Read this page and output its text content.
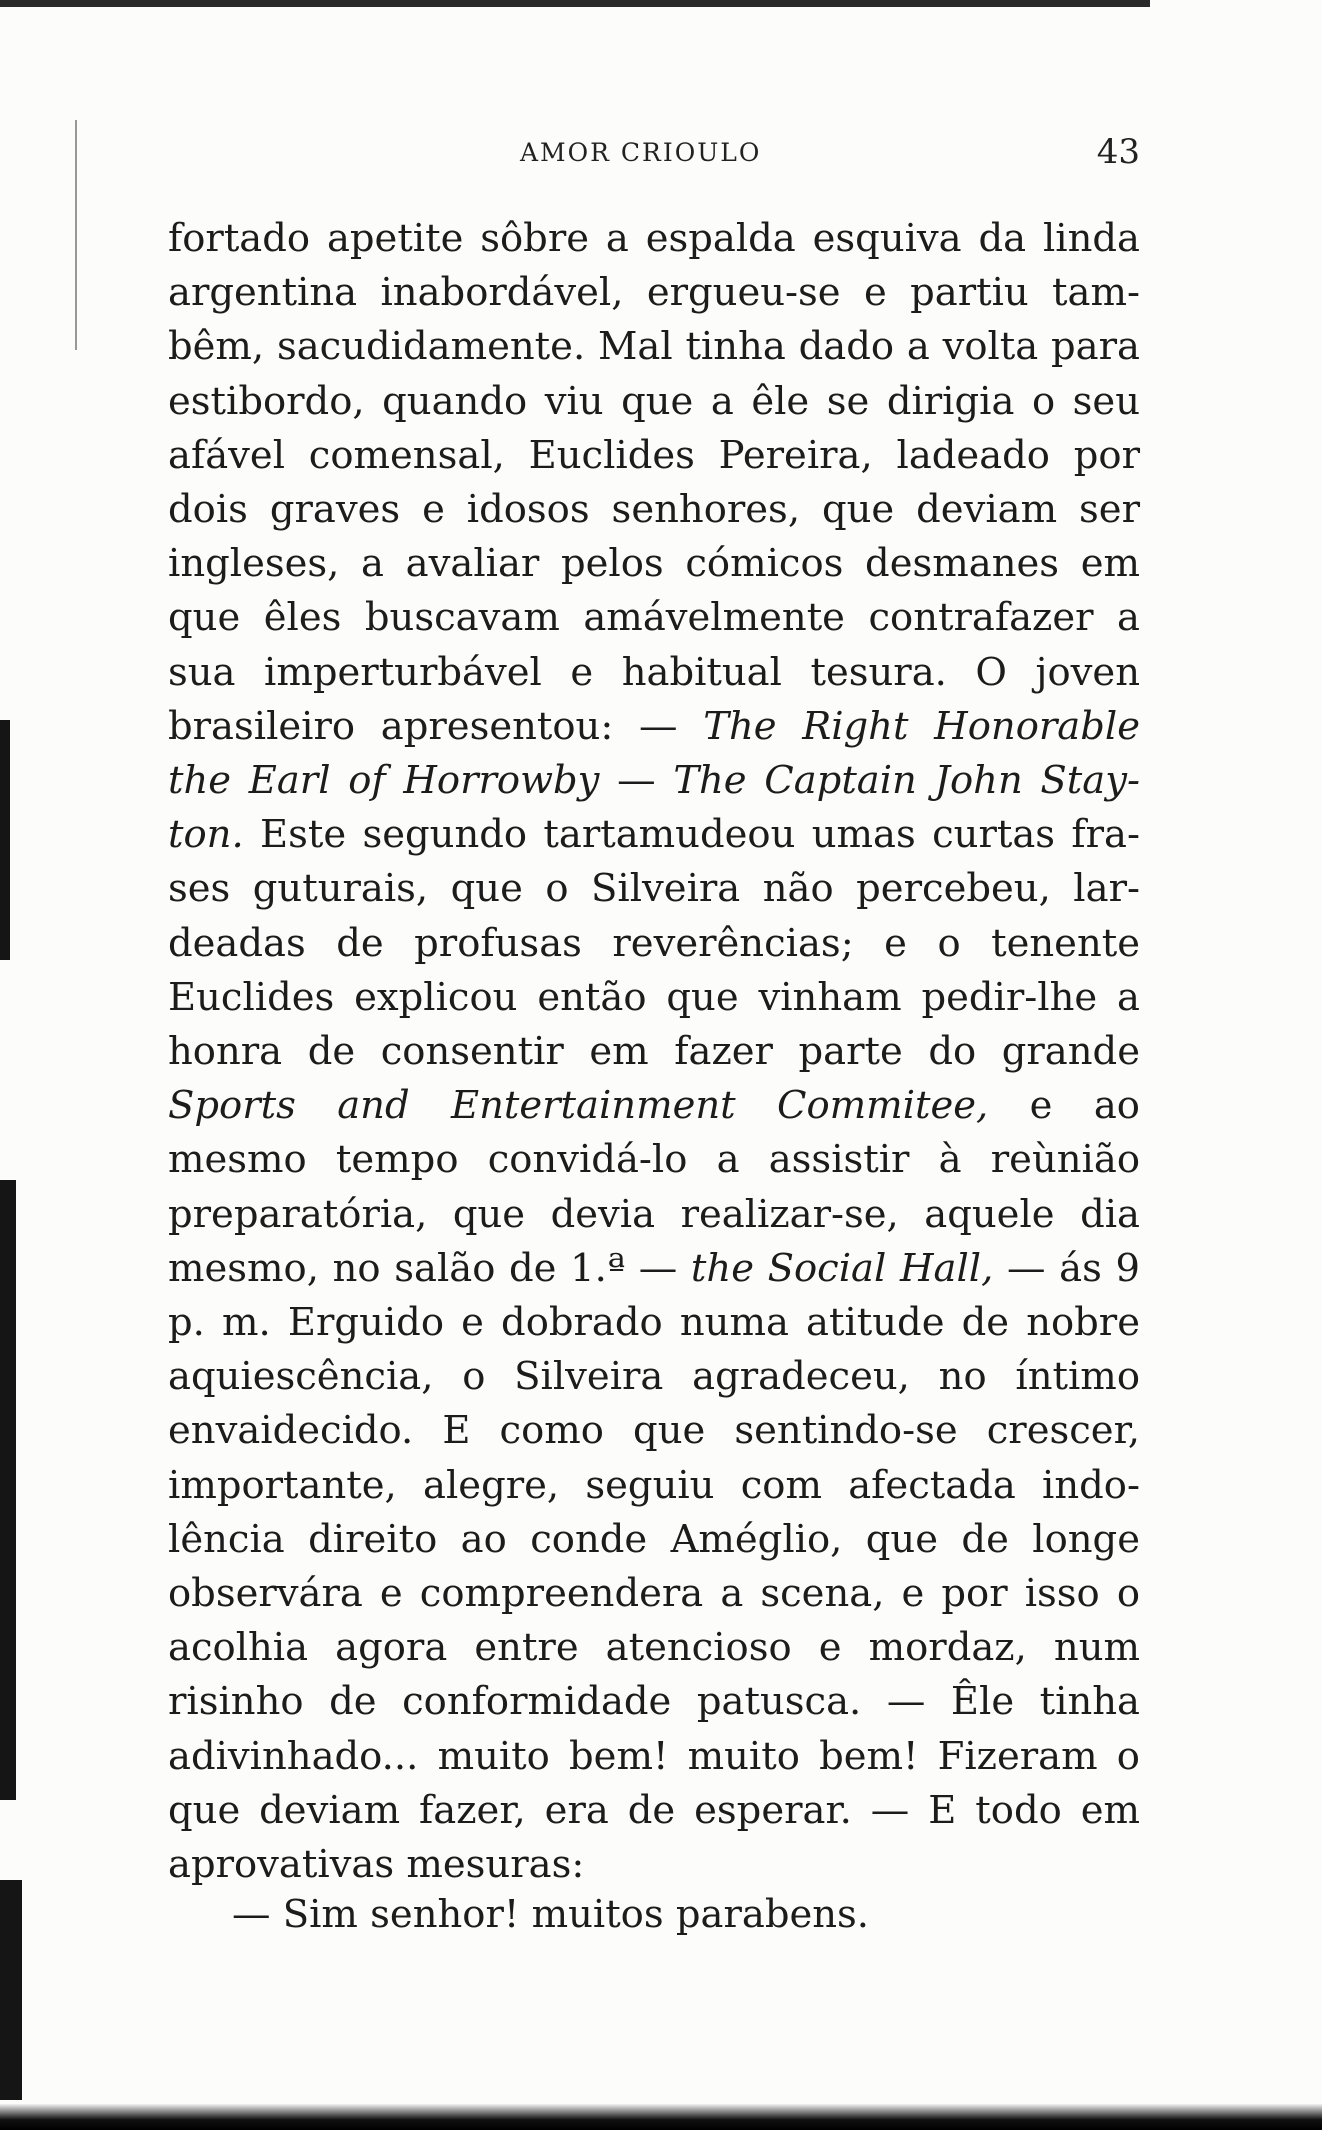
AMOR CRIOULO	43

fortado apetite sôbre a espalda esquiva da linda argentina inabordável, ergueu-se e partiu tambêm, sacudidamente. Mal tinha dado a volta para estibordo, quando viu que a êle se dirigia o seu afável comensal, Euclides Pereira, ladeado por dois graves e idosos senhores, que deviam ser ingleses, a avaliar pelos cómicos desmanes em que êles buscavam amávelmente contrafazer a sua imperturbável e habitual tesura. O joven brasileiro apresentou: — The Right Honorable the Earl of Horrowby — The Captain John Stayton. Este segundo tartamudeou umas curtas frases guturais, que o Silveira não percebeu, lardeadas de profusas reverências; e o tenente Euclides explicou então que vinham pedir-lhe a honra de consentir em fazer parte do grande Sports and Entertainment Commitee, e ao mesmo tempo convidá-lo a assistir à reùnião preparatória, que devia realizar-se, aquele dia mesmo, no salão de 1.ª — the Social Hall, — ás 9 p. m. Erguido e dobrado numa atitude de nobre aquiescência, o Silveira agradeceu, no íntimo envaidecido. E como que sentindo-se crescer, importante, alegre, seguiu com afectada indolência direito ao conde Améglio, que de longe observára e compreendera a scena, e por isso o acolhia agora entre atencioso e mordaz, num risinho de conformidade patusca. — Êle tinha adivinhado... muito bem! muito bem! Fizeram o que deviam fazer, era de esperar. — E todo em aprovativas mesuras:

— Sim senhor! muitos parabens.
